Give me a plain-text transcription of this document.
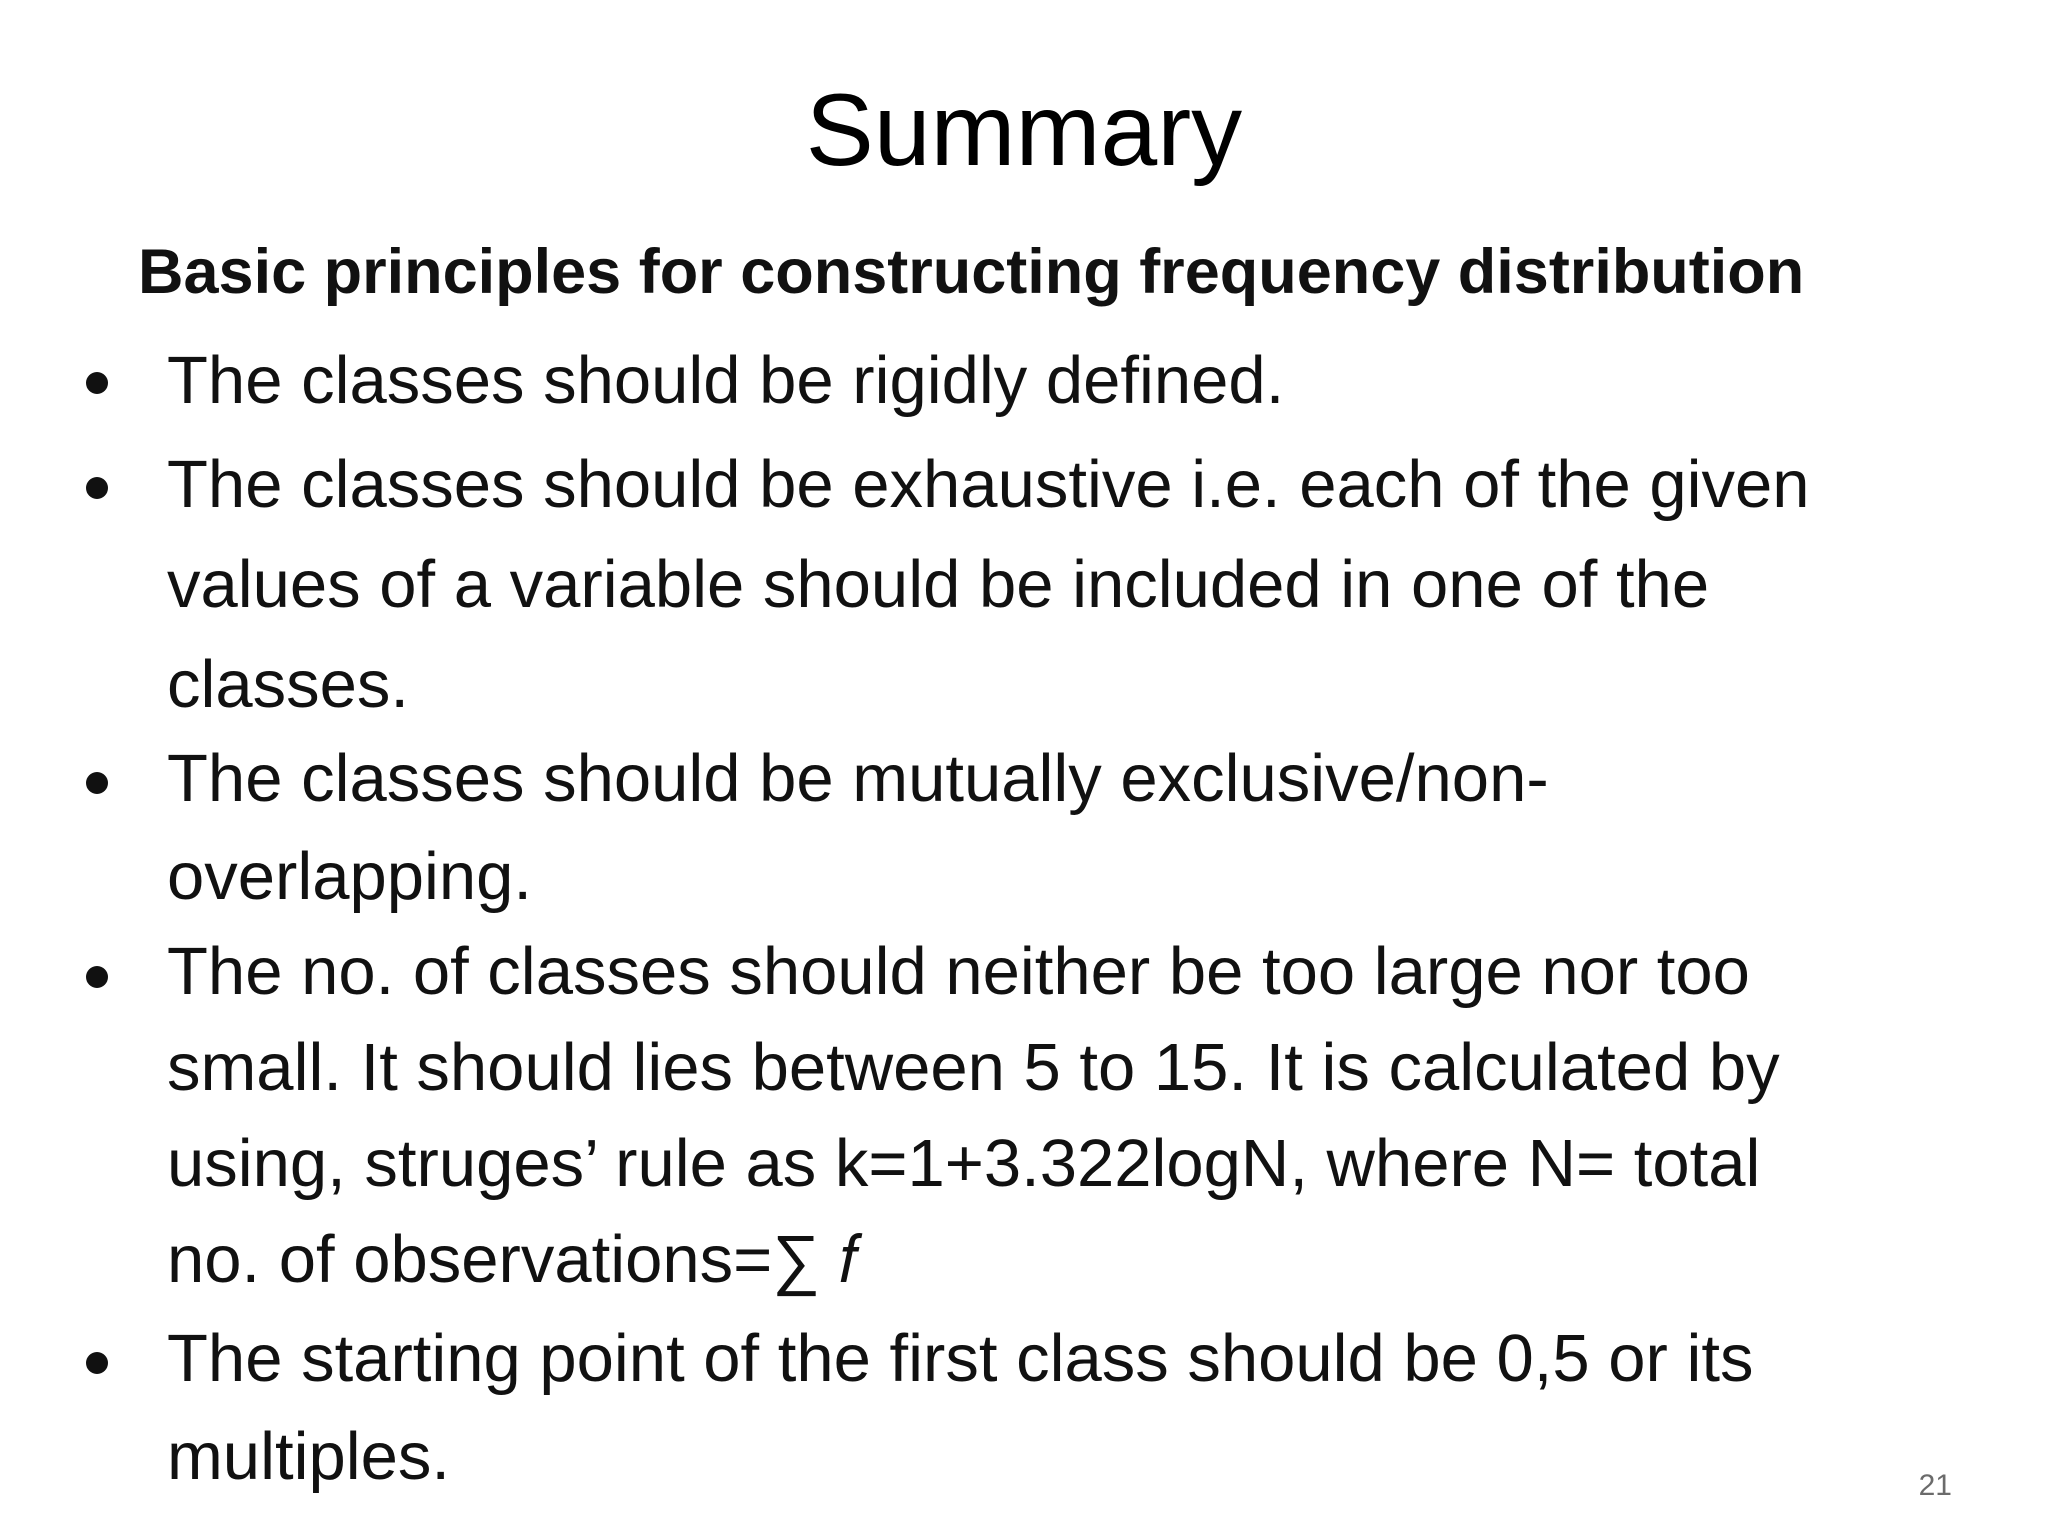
Summary
Basic principles for constructing frequency distribution
The classes should be rigidly defined.
The classes should be exhaustive i.e. each of the given
values of a variable should be included in one of the
classes.
The classes should be mutually exclusive/non-
overlapping.
The no. of classes should neither be too large nor too
small. It should lies between 5 to 15. It is calculated by
using, struges’ rule as k=1+3.322logN, where N= total
no. of observations=∑ 𝑓
The starting point of the first class should be 0,5 or its
multiples.	21
